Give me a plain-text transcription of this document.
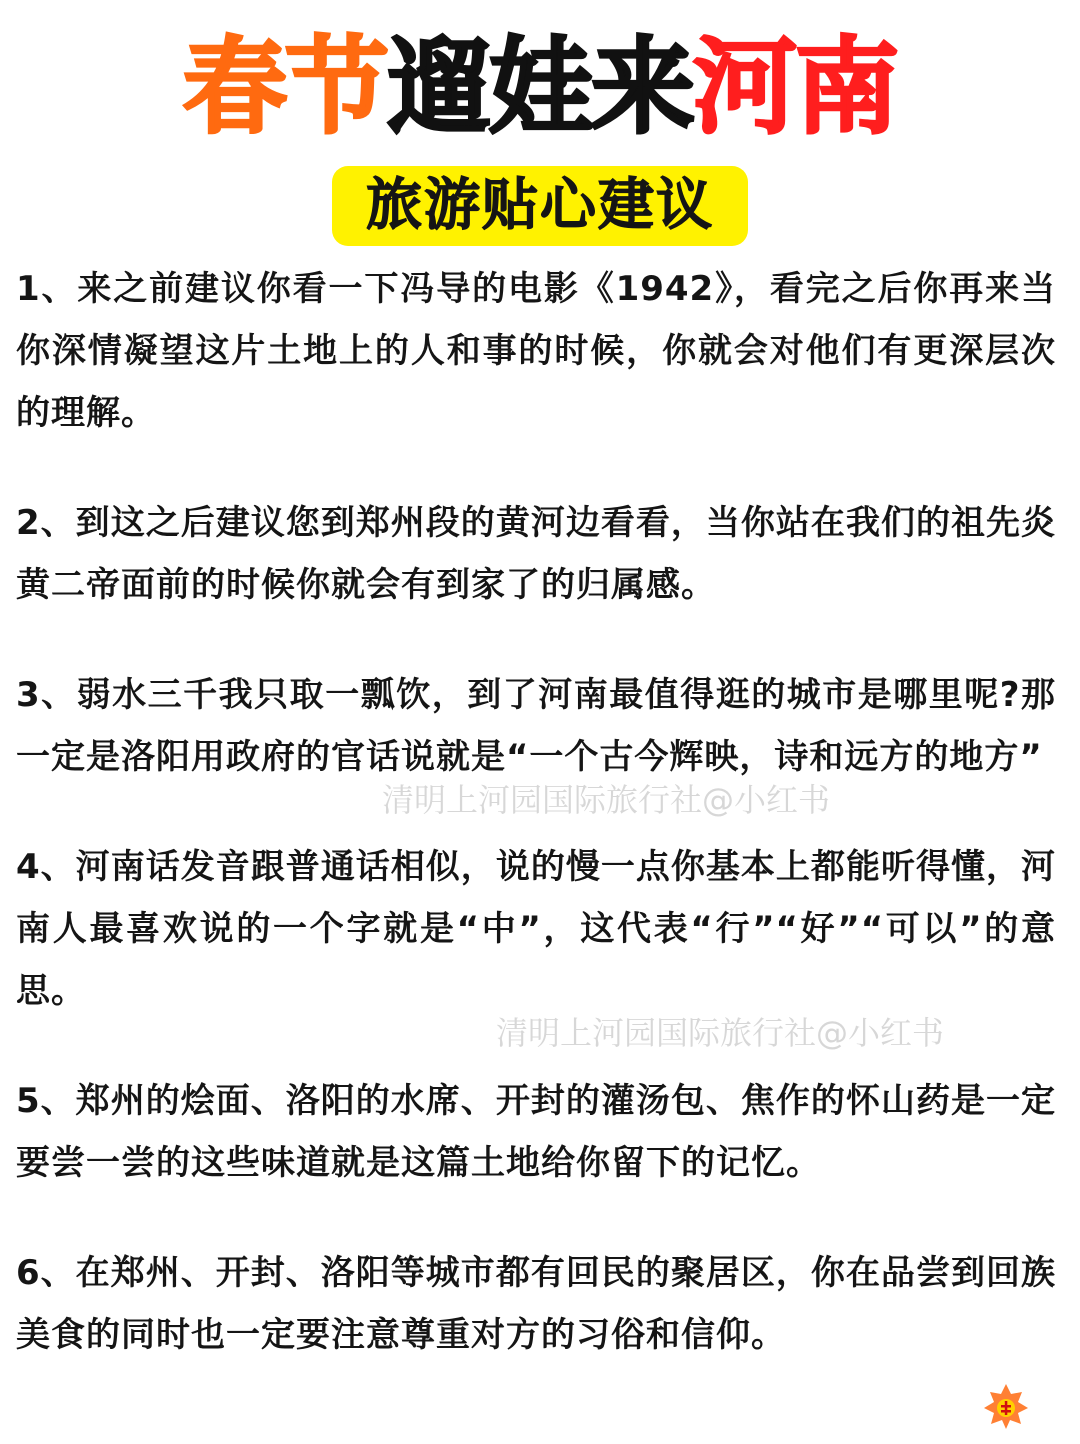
春节遛娃来河南
旅游贴心建议

1、来之前建议你看一下冯导的电影《1942》，看完之后你再来当你深情凝望这片土地上的人和事的时候，你就会对他们有更深层次的理解。

2、到这之后建议您到郑州段的黄河边看看，当你站在我们的祖先炎黄二帝面前的时候你就会有到家了的归属感。

3、弱水三千我只取一瓢饮，到了河南最值得逛的城市是哪里呢?那一定是洛阳用政府的官话说就是“一个古今辉映，诗和远方的地方”

4、河南话发音跟普通话相似，说的慢一点你基本上都能听得懂，河南人最喜欢说的一个字就是“中”，这代表“行”“好”“可以”的意思。

5、郑州的烩面、洛阳的水席、开封的灌汤包、焦作的怀山药是一定要尝一尝的这些味道就是这篇土地给你留下的记忆。

6、在郑州、开封、洛阳等城市都有回民的聚居区，你在品尝到回族美食的同时也一定要注意尊重对方的习俗和信仰。

清明上河园国际旅行社@小红书
清明上河园国际旅行社@小红书
